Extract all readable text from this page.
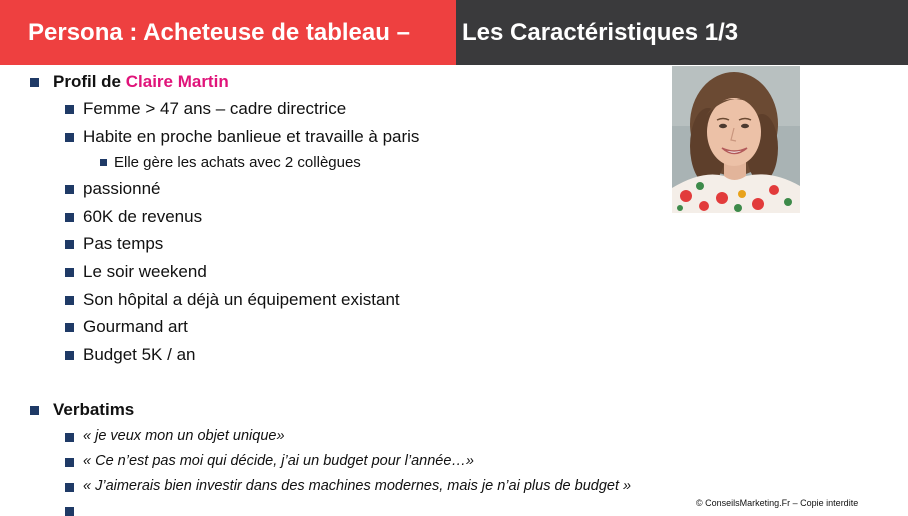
Persona : Acheteuse de tableau –	Les Caractéristiques 1/3
Profil de Claire Martin
Femme > 47 ans – cadre directrice
Habite en proche banlieue et travaille à paris
Elle gère les achats avec 2 collègues
passionné
60K de revenus
Pas temps
Le soir weekend
Son hôpital a déjà un équipement existant
Gourmand art
Budget 5K / an
Verbatims
« je veux mon un objet unique»
« Ce n’est pas moi qui décide, j’ai un budget pour l’année…»
« J’aimerais bien investir dans des machines modernes, mais je n’ai plus de budget »
© ConseilsMarketing.Fr – Copie interdite
